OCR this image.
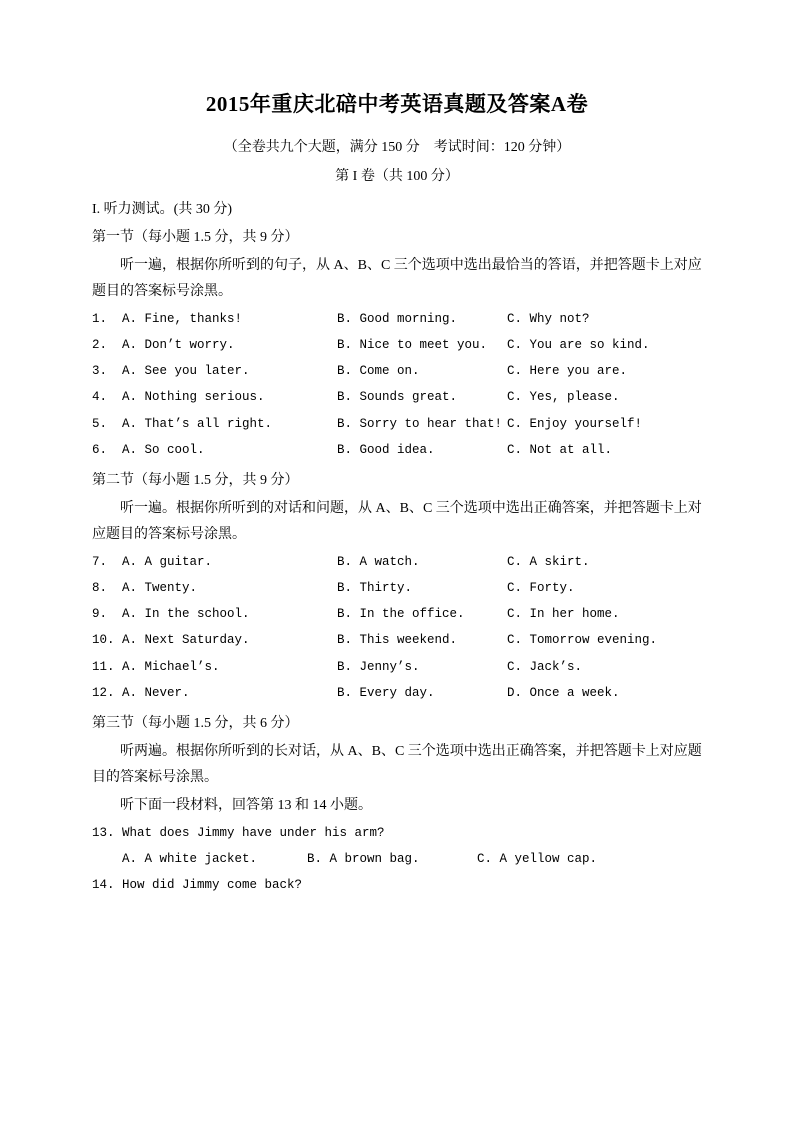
2015年重庆北碚中考英语真题及答案A卷
（全卷共九个大题，满分 150 分　考试时间：120 分钟）
第 I 卷（共 100 分）
I. 听力测试。(共 30 分)
第一节（每小题 1.5 分，共 9 分）
听一遍，根据你所听到的句子，从 A、B、C 三个选项中选出最恰当的答语，并把答题卡上对应题目的答案标号涂黑。
1.	A. Fine, thanks!	B. Good morning.	C. Why not?
2.	A. Don’t worry.	B. Nice to meet you.	C. You are so kind.
3.	A. See you later.	B. Come on.	C. Here you are.
4.	A. Nothing serious.	B. Sounds great.	C. Yes, please.
5.	A. That’s all right.	B. Sorry to hear that! C. Enjoy yourself!
6.	A. So cool.	B. Good idea.	C. Not at all.
第二节（每小题 1.5 分，共 9 分）
听一遍。根据你所听到的对话和问题，从 A、B、C 三个选项中选出正确答案，并把答题卡上对应题目的答案标号涂黑。
7.	A. A guitar.	B. A watch.	C. A skirt.
8.	A. Twenty.	B. Thirty.	C. Forty.
9.	A. In the school.	B. In the office.	C. In her home.
10. A. Next Saturday.	B. This weekend.	C. Tomorrow evening.
11. A. Michael’s.	B. Jenny’s.	C. Jack’s.
12. A. Never.	B. Every day.	D. Once a week.
第三节（每小题 1.5 分，共 6 分）
听两遍。根据你所听到的长对话，从 A、B、C 三个选项中选出正确答案，并把答题卡上对应题目的答案标号涂黑。
听下面一段材料，回答第 13 和 14 小题。
13. What does Jimmy have under his arm?
A. A white jacket.	B. A brown bag.	C. A yellow cap.
14. How did Jimmy come back?
